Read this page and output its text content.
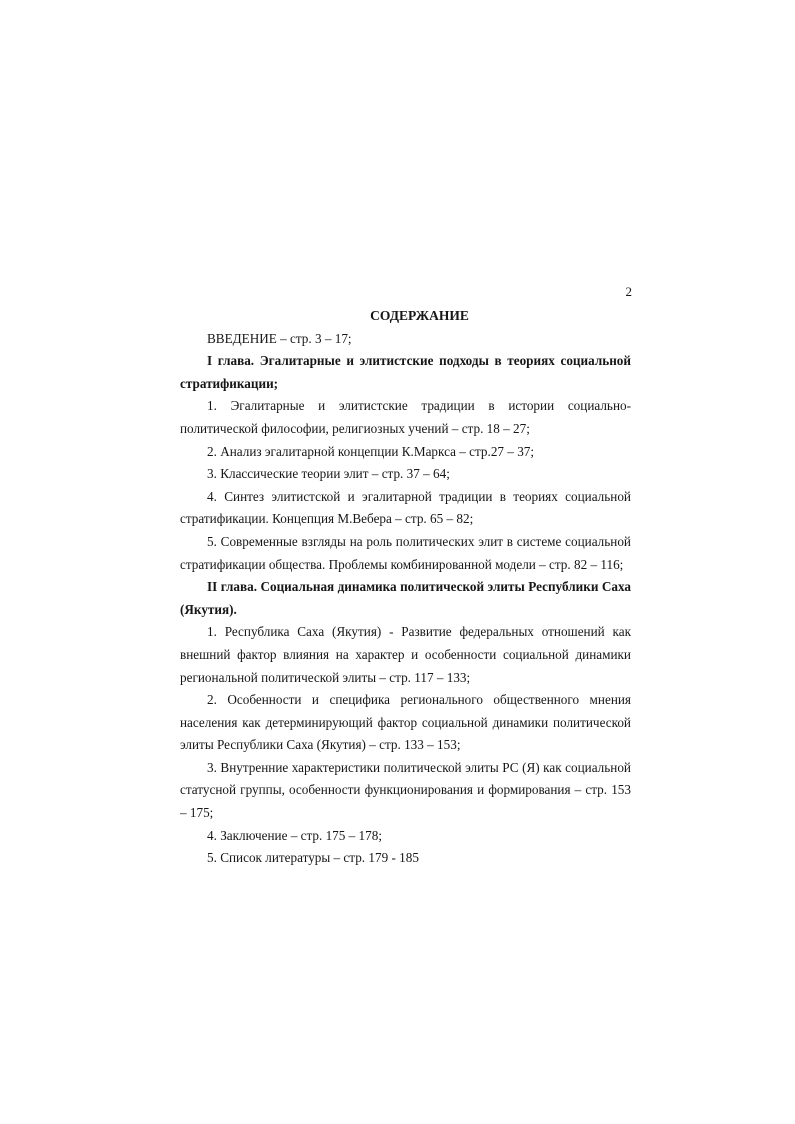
2
СОДЕРЖАНИЕ
ВВЕДЕНИЕ – стр. 3 – 17;
I глава. Эгалитарные и элитистские подходы в теориях социальной
стратификации;
1. Эгалитарные и элитистские традиции в истории социально-
политической философии, религиозных учений – стр. 18 – 27;
2. Анализ эгалитарной концепции К.Маркса – стр.27 – 37;
3. Классические теории элит – стр. 37 – 64;
4. Синтез элитистской и эгалитарной традиции в теориях социальной
стратификации. Концепция М.Вебера – стр. 65 – 82;
5. Современные взгляды на роль политических элит в системе социальной
стратификации общества. Проблемы комбинированной модели – стр. 82 – 116;
II глава. Социальная динамика политической элиты Республики Саха
(Якутия).
1. Республика Саха (Якутия) - Развитие федеральных отношений как
внешний фактор влияния на характер и особенности социальной динамики
региональной политической элиты – стр. 117 – 133;
2. Особенности и специфика регионального общественного мнения
населения как детерминирующий фактор социальной динамики политической
элиты Республики Саха (Якутия) – стр. 133 – 153;
3. Внутренние характеристики политической элиты РС (Я) как социальной
статусной группы, особенности функционирования и формирования – стр. 153
– 175;
4. Заключение – стр. 175 – 178;
5. Список литературы – стр. 179 - 185
